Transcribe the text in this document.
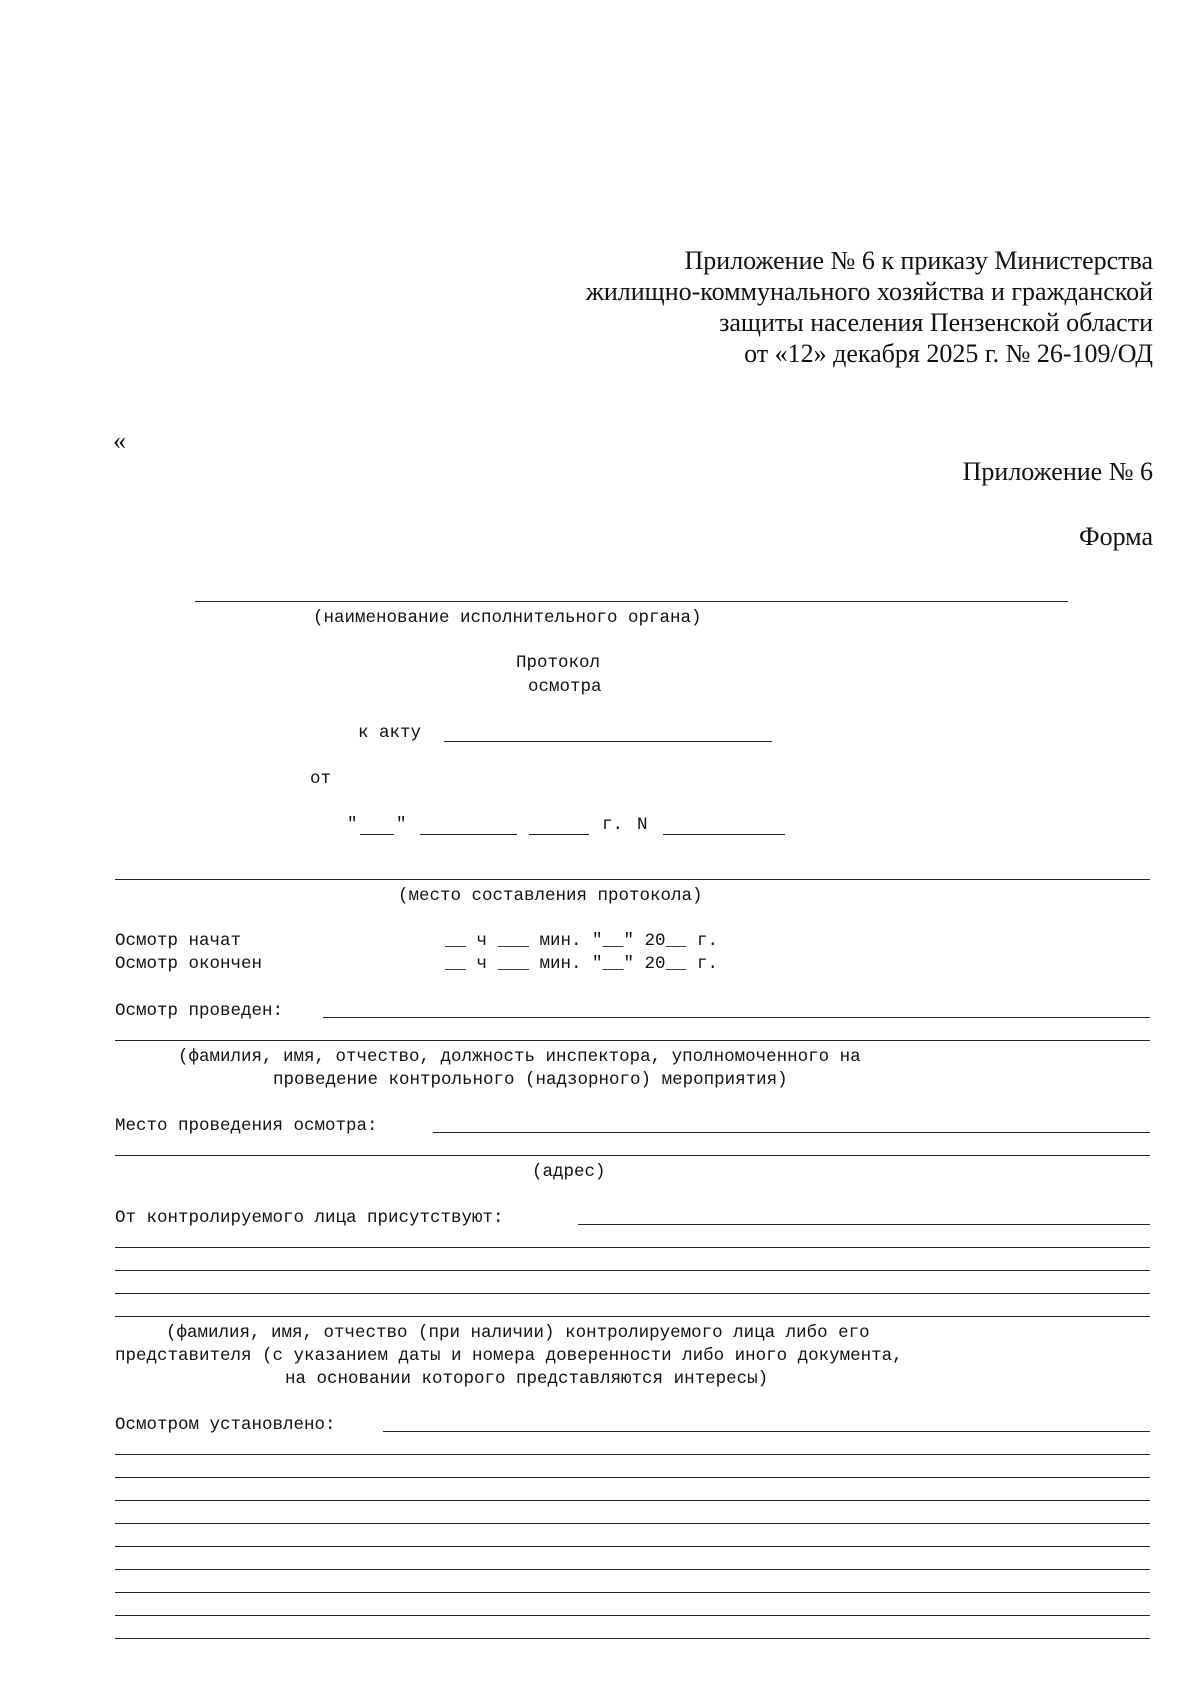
Приложение № 6 к приказу Министерства
жилищно-коммунального хозяйства и гражданской
защиты населения Пензенской области
от «12» декабря 2025 г. № 26-109/ОД
«
Приложение № 6
Форма
(наименование исполнительного органа)
Протокол
осмотра
к акту
от
" "	г. N
(место составления протокола)
Осмотр начат	__ ч ___ мин. "__" 20__ г.
Осмотр окончен	__ ч ___ мин. "__" 20__ г.
Осмотр проведен:
(фамилия, имя, отчество, должность инспектора, уполномоченного на
проведение контрольного (надзорного) мероприятия)
Место проведения осмотра:
(адрес)
От контролируемого лица присутствуют:
(фамилия, имя, отчество (при наличии) контролируемого лица либо его
представителя (с указанием даты и номера доверенности либо иного документа,
на основании которого представляются интересы)
Осмотром установлено:
